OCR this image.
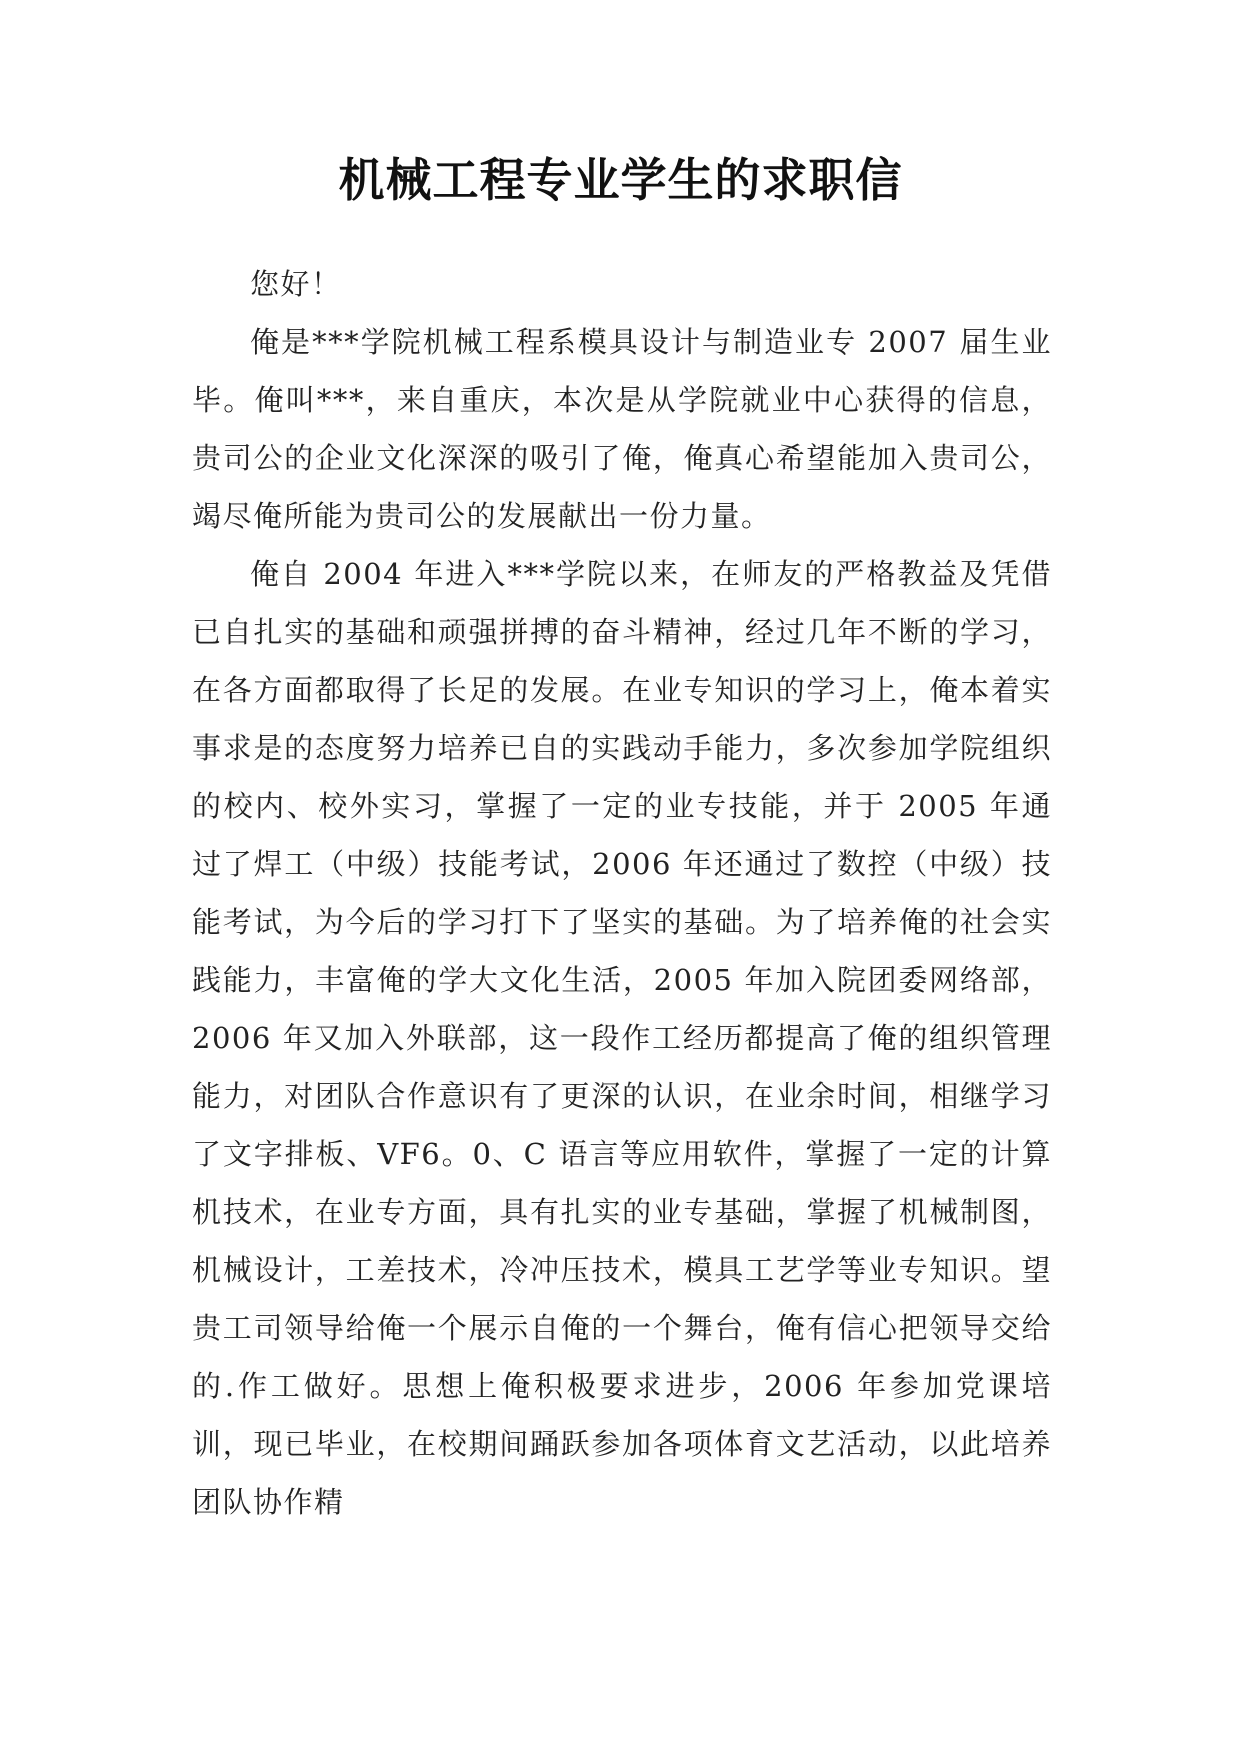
机械工程专业学生的求职信

您好！

俺是***学院机械工程系模具设计与制造业专 2007 届生业毕。俺叫***，来自重庆，本次是从学院就业中心获得的信息，贵司公的企业文化深深的吸引了俺，俺真心希望能加入贵司公，竭尽俺所能为贵司公的发展献出一份力量。

俺自 2004 年进入***学院以来，在师友的严格教益及凭借已自扎实的基础和顽强拼搏的奋斗精神，经过几年不断的学习，在各方面都取得了长足的发展。在业专知识的学习上，俺本着实事求是的态度努力培养已自的实践动手能力，多次参加学院组织的校内、校外实习，掌握了一定的业专技能，并于 2005 年通过了焊工（中级）技能考试，2006 年还通过了数控（中级）技能考试，为今后的学习打下了坚实的基础。为了培养俺的社会实践能力，丰富俺的学大文化生活，2005 年加入院团委网络部，2006 年又加入外联部，这一段作工经历都提高了俺的组织管理能力，对团队合作意识有了更深的认识，在业余时间，相继学习了文字排板、VF6。0、C 语言等应用软件，掌握了一定的计算机技术，在业专方面，具有扎实的业专基础，掌握了机械制图，机械设计，工差技术，冷冲压技术，模具工艺学等业专知识。望贵工司领导给俺一个展示自俺的一个舞台，俺有信心把领导交给的.作工做好。思想上俺积极要求进步，2006 年参加党课培训，现已毕业，在校期间踊跃参加各项体育文艺活动，以此培养团队协作精
